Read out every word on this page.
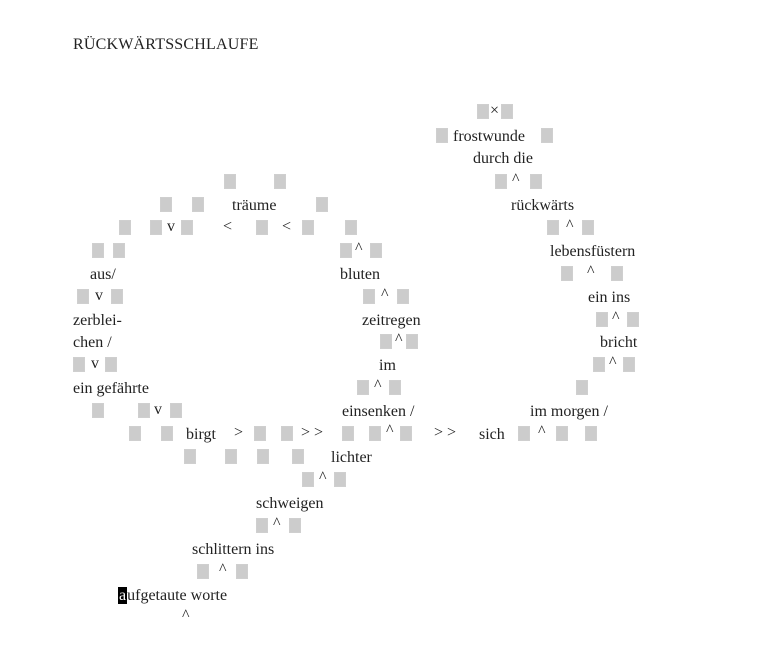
RÜCKWÄRTSSCHLAUFE
träume
v	<	<
^
aus/	bluten
v	^
zerblei-	zeitregen
chen /	^
v	im
ein gefährte	^
v	einsenken /
birgt >	> >	^	> >
lichter
^
schweigen
^
schlittern ins
^
aufgetaute worte
^
×
frostwunde
durch die
^
rückwärts
^
lebensfüstern
^
ein ins
^
bricht
^
im morgen /
sich ^
